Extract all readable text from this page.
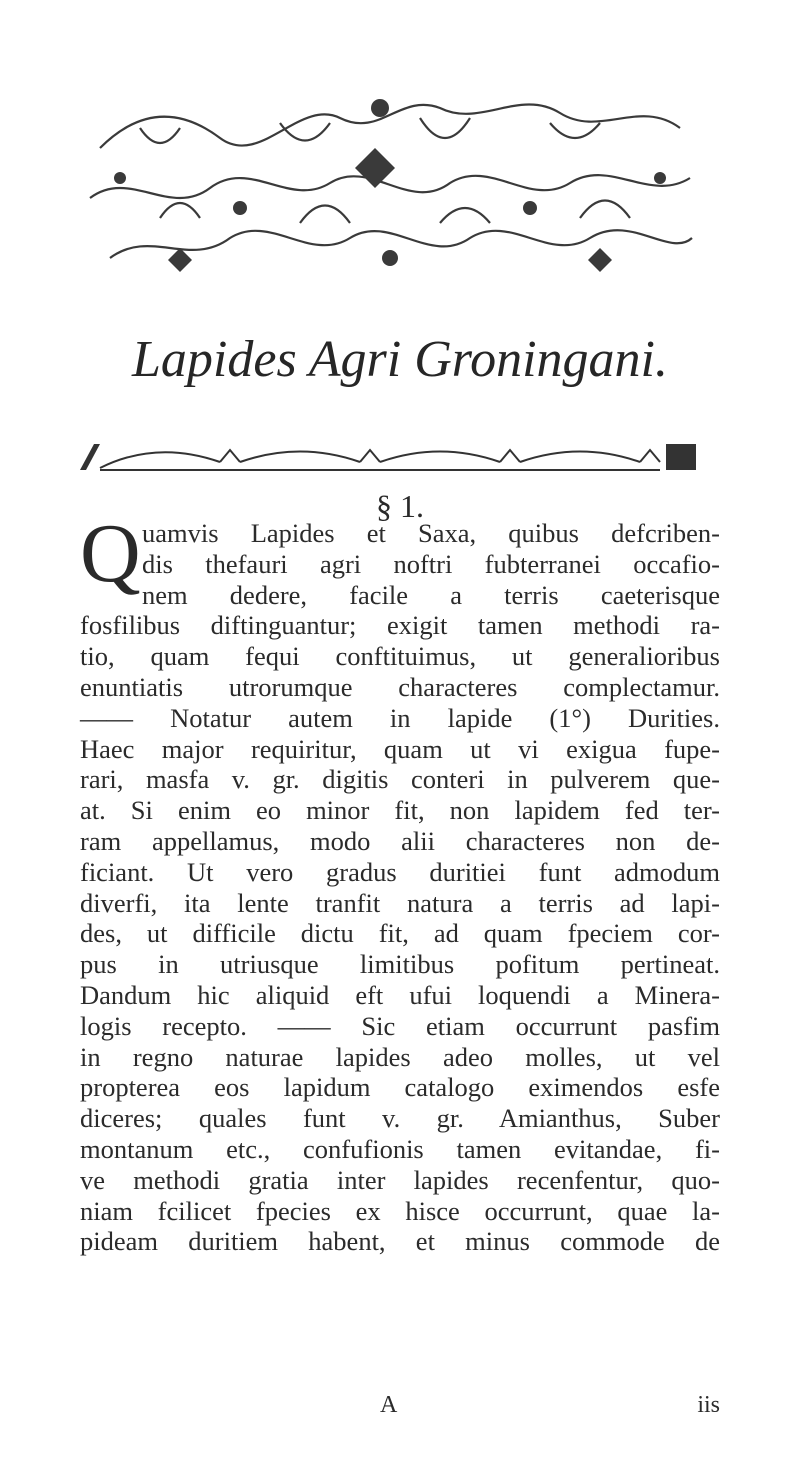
Lapides Agri Groningani.
§ 1.
Q uamvis Lapides et Saxa, quibus defcriben-
dis thefauri agri noftri fubterranei occafio-
nem dedere, facile a terris caeterisque
fosfilibus diftinguantur; exigit tamen methodi ra-
tio, quam fequi conftituimus, ut generalioribus
enuntiatis utrorumque characteres complectamur.
—— Notatur autem in lapide (1°) Durities.
Haec major requiritur, quam ut vi exigua fupe-
rari, masfa v. gr. digitis conteri in pulverem que-
at. Si enim eo minor fit, non lapidem fed ter-
ram appellamus, modo alii characteres non de-
ficiant. Ut vero gradus duritiei funt admodum
diverfi, ita lente tranfit natura a terris ad lapi-
des, ut difficile dictu fit, ad quam fpeciem cor-
pus in utriusque limitibus pofitum pertineat.
Dandum hic aliquid eft ufui loquendi a Minera-
logis recepto. —— Sic etiam occurrunt pasfim
in regno naturae lapides adeo molles, ut vel
propterea eos lapidum catalogo eximendos esfe
diceres; quales funt v. gr. Amianthus, Suber
montanum etc., confufionis tamen evitandae, fi-
ve methodi gratia inter lapides recenfentur, quo-
niam fcilicet fpecies ex hisce occurrunt, quae la-
pideam duritiem habent, et minus commode de
A	iis
